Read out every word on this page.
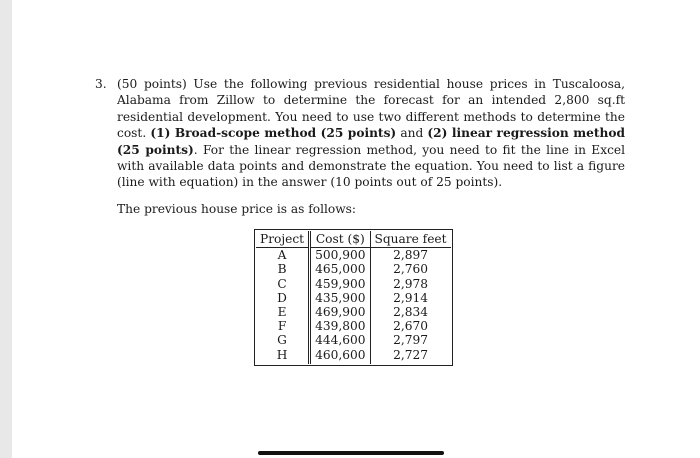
3. (50 points) Use the following previous residential house prices in Tuscaloosa, Alabama from Zillow to determine the forecast for an intended 2,800 sq.ft residential development. You need to use two different methods to determine the cost. (1) Broad-scope method (25 points) and (2) linear regression method (25 points). For the linear regression method, you need to fit the line in Excel with available data points and demonstrate the equation. You need to list a figure (line with equation) in the answer (10 points out of 25 points).

The previous house price is as follows:

Project	Cost ($)	Square feet
A	500,900	2,897
B	465,000	2,760
C	459,900	2,978
D	435,900	2,914
E	469,900	2,834
F	439,800	2,670
G	444,600	2,797
H	460,600	2,727
